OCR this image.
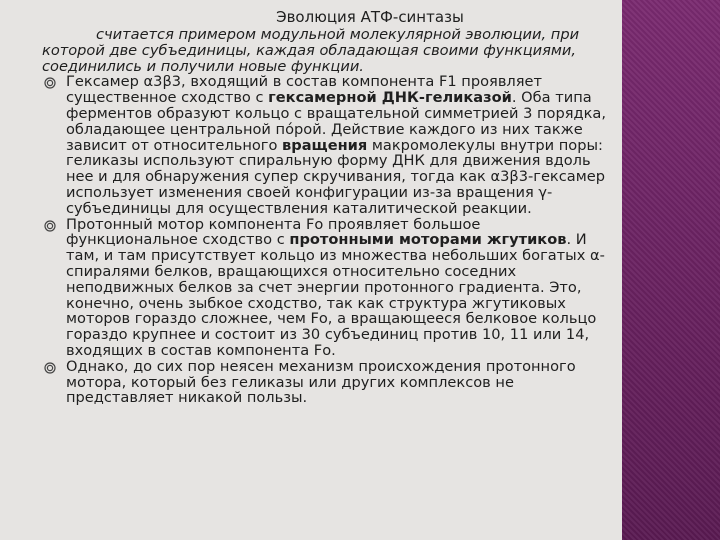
Эволюция АТФ-синтазы
считается примером модульной молекулярной эволюции, при которой две субъединицы, каждая обладающая своими функциями, соединились и получили новые функции.
Гексамер α3β3, входящий в состав компонента F1 проявляет существенное сходство с гексамерной ДНК-геликазой. Оба типа ферментов образуют кольцо с вращательной симметрией 3 порядка, обладающее центральной по́рой. Действие каждого из них также зависит от относительного вращения макромолекулы внутри поры: геликазы используют спиральную форму ДНК для движения вдоль нее и для обнаружения супер скручивания, тогда как α3β3-гексамер использует изменения своей конфигурации из-за вращения γ-субъединицы для осуществления каталитической реакции.
Протонный мотор компонента Fо проявляет большое функциональное сходство с протонными моторами жгутиков. И там, и там присутствует кольцо из множества небольших богатых α-спиралями белков, вращающихся относительно соседних неподвижных белков за счет энергии протонного градиента. Это, конечно, очень зыбкое сходство, так как структура жгутиковых моторов гораздо сложнее, чем Fо, а вращающееся белковое кольцо гораздо крупнее и состоит из 30 субъединиц против 10, 11 или 14, входящих в состав компонента Fо.
Однако, до сих пор неясен механизм происхождения протонного мотора, который без геликазы или других комплексов не представляет никакой пользы.
